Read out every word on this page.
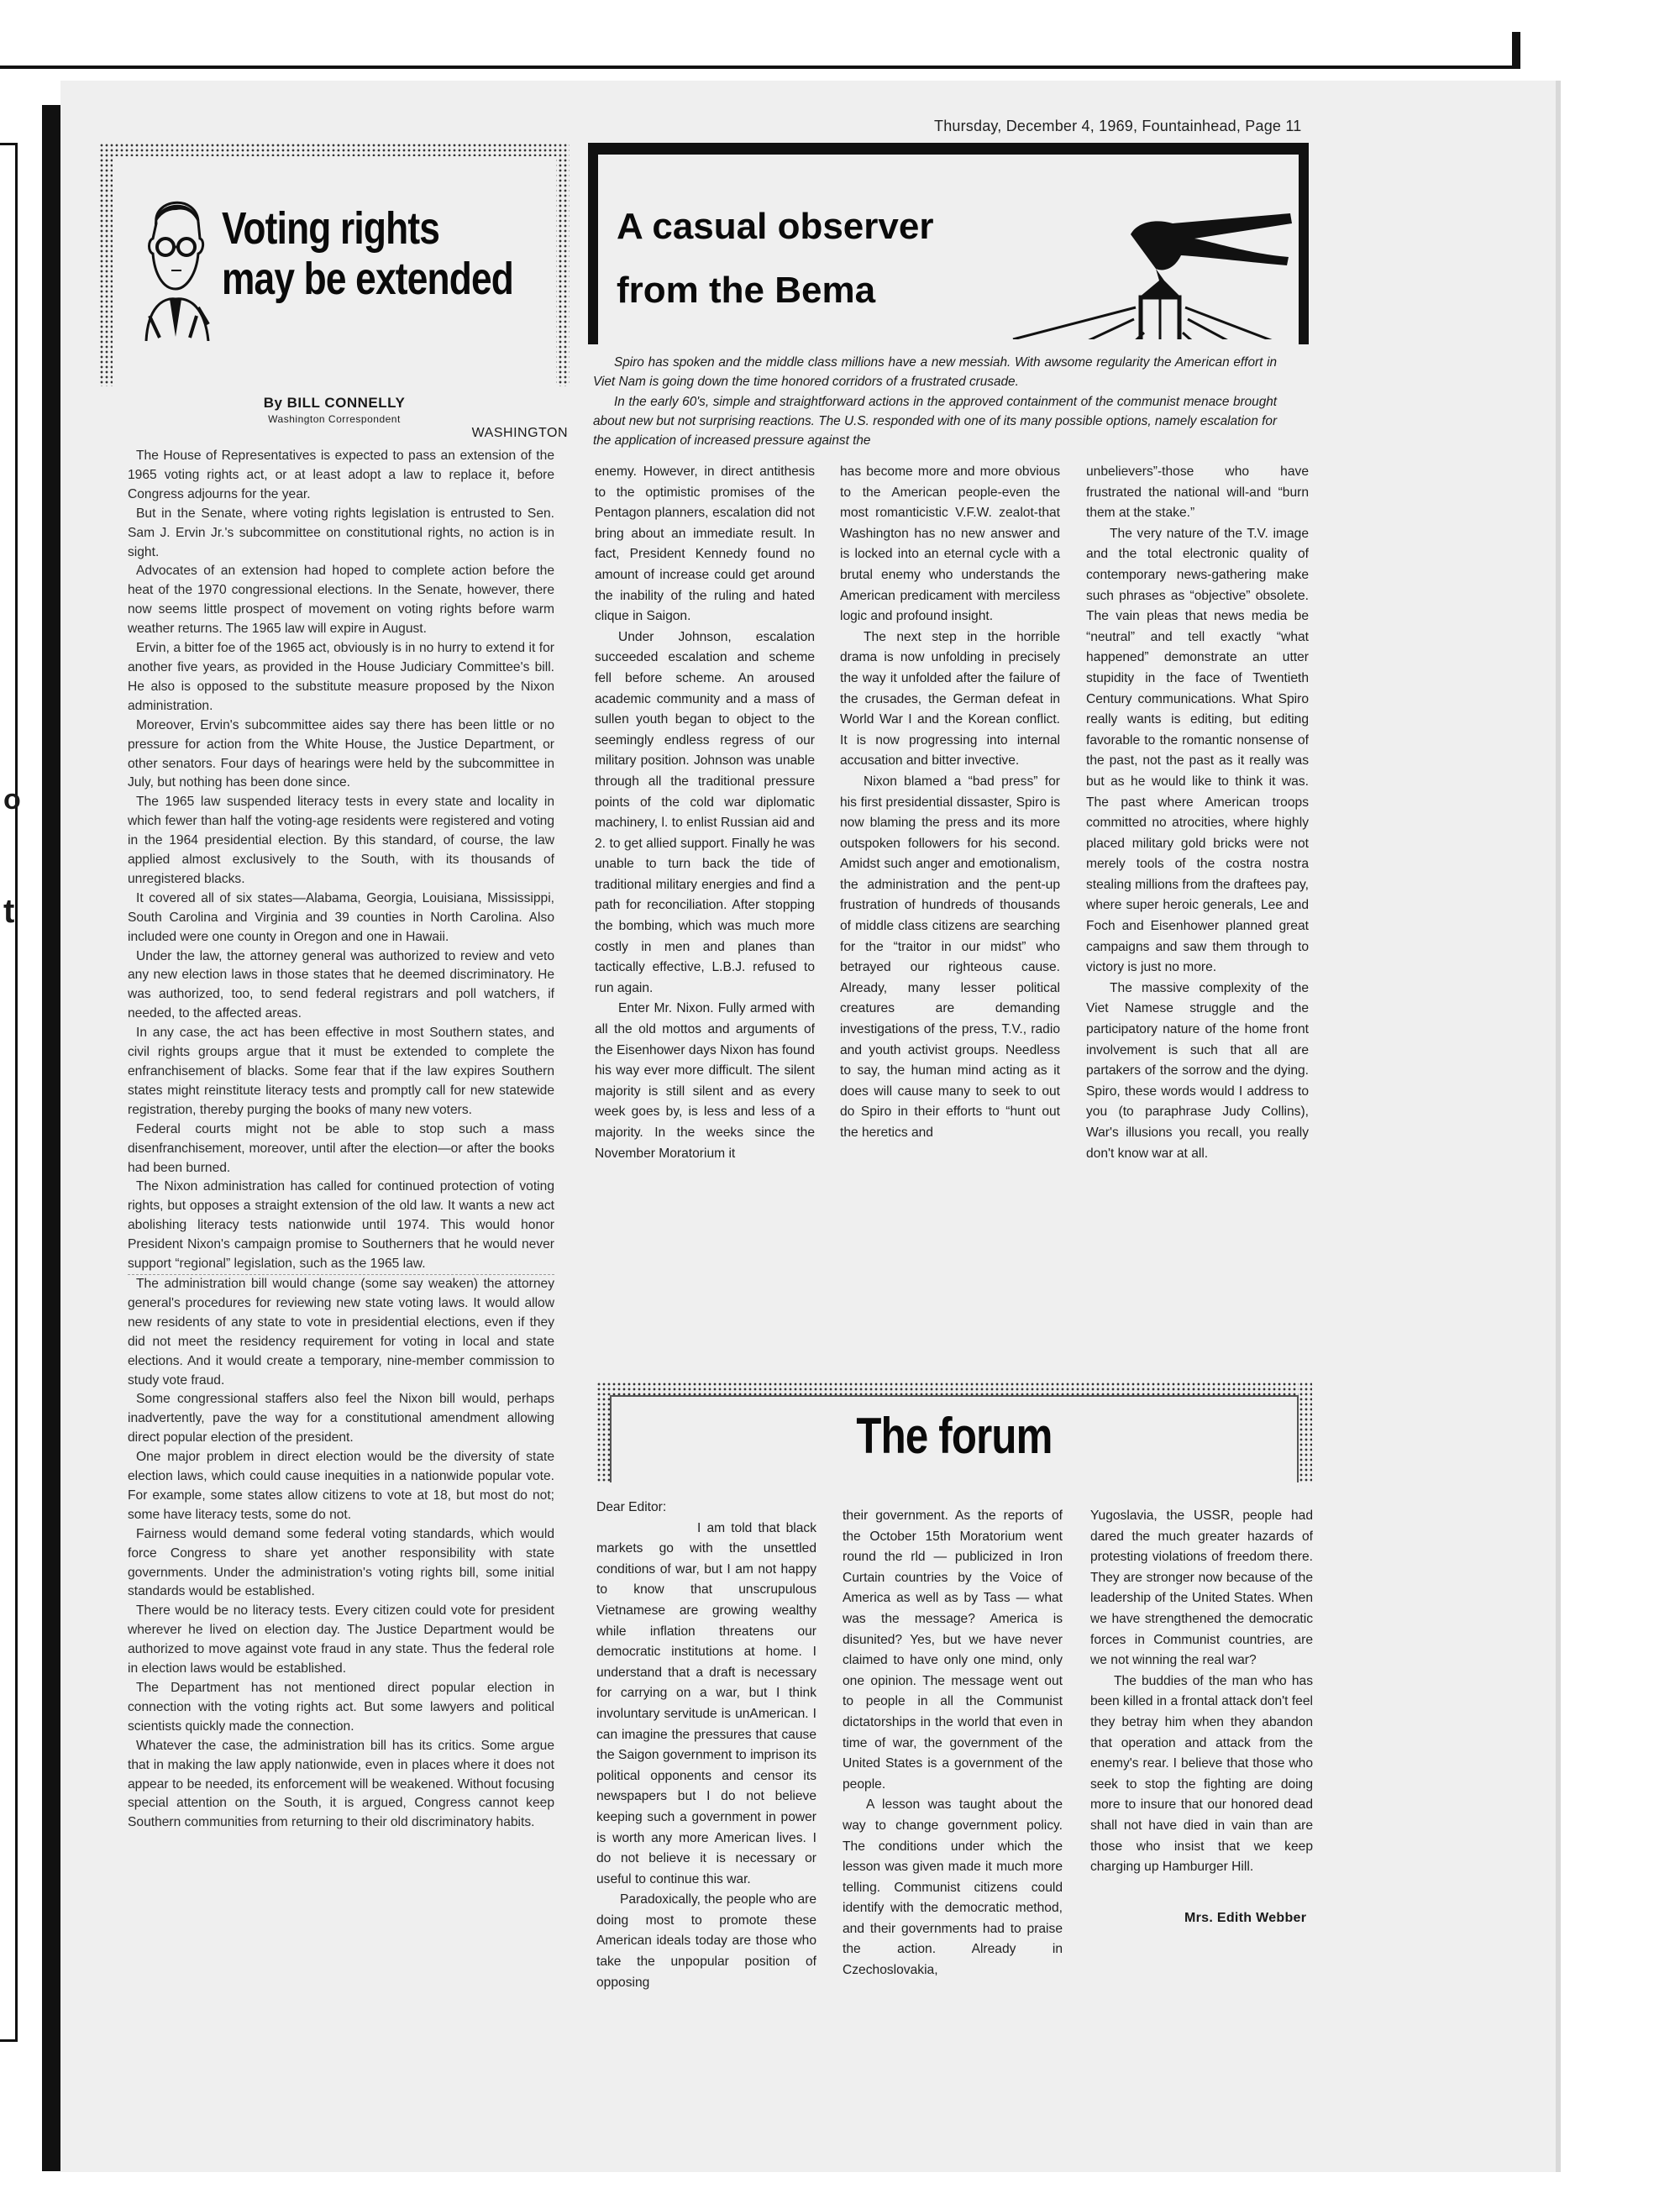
o
t
Thursday, December 4, 1969, Fountainhead, Page 11
Voting rights
may be extended
By BILL CONNELLY
Washington Correspondent
WASHINGTON

The House of Representatives is expected to pass an extension of the 1965 voting rights act, or at least adopt a law to replace it, before Congress adjourns for the year.

But in the Senate, where voting rights legislation is entrusted to Sen. Sam J. Ervin Jr.'s subcommittee on constitutional rights, no action is in sight.

Advocates of an extension had hoped to complete action before the heat of the 1970 congressional elections. In the Senate, however, there now seems little prospect of movement on voting rights before warm weather returns. The 1965 law will expire in August.

Ervin, a bitter foe of the 1965 act, obviously is in no hurry to extend it for another five years, as provided in the House Judiciary Committee's bill. He also is opposed to the substitute measure proposed by the Nixon administration.

Moreover, Ervin's subcommittee aides say there has been little or no pressure for action from the White House, the Justice Department, or other senators. Four days of hearings were held by the subcommittee in July, but nothing has been done since.

The 1965 law suspended literacy tests in every state and locality in which fewer than half the voting-age residents were registered and voting in the 1964 presidential election. By this standard, of course, the law applied almost exclusively to the South, with its thousands of unregistered blacks.

It covered all of six states—Alabama, Georgia, Louisiana, Mississippi, South Carolina and Virginia and 39 counties in North Carolina. Also included were one county in Oregon and one in Hawaii.

Under the law, the attorney general was authorized to review and veto any new election laws in those states that he deemed discriminatory. He was authorized, too, to send federal registrars and poll watchers, if needed, to the affected areas.

In any case, the act has been effective in most Southern states, and civil rights groups argue that it must be extended to complete the enfranchisement of blacks. Some fear that if the law expires Southern states might reinstitute literacy tests and promptly call for new statewide registration, thereby purging the books of many new voters.

Federal courts might not be able to stop such a mass disenfranchisement, moreover, until after the election—or after the books had been burned.

The Nixon administration has called for continued protection of voting rights, but opposes a straight extension of the old law. It wants a new act abolishing literacy tests nationwide until 1974. This would honor President Nixon's campaign promise to Southerners that he would never support “regional” legislation, such as the 1965 law.

The administration bill would change (some say weaken) the attorney general's procedures for reviewing new state voting laws. It would allow new residents of any state to vote in presidential elections, even if they did not meet the residency requirement for voting in local and state elections. And it would create a temporary, nine-member commission to study vote fraud.

Some congressional staffers also feel the Nixon bill would, perhaps inadvertently, pave the way for a constitutional amendment allowing direct popular election of the president.

One major problem in direct election would be the diversity of state election laws, which could cause inequities in a nationwide popular vote. For example, some states allow citizens to vote at 18, but most do not; some have literacy tests, some do not.

Fairness would demand some federal voting standards, which would force Congress to share yet another responsibility with state governments. Under the administration's voting rights bill, some initial standards would be established.

There would be no literacy tests. Every citizen could vote for president wherever he lived on election day. The Justice Department would be authorized to move against vote fraud in any state. Thus the federal role in election laws would be established.

The Department has not mentioned direct popular election in connection with the voting rights act. But some lawyers and political scientists quickly made the connection.

Whatever the case, the administration bill has its critics. Some argue that in making the law apply nationwide, even in places where it does not appear to be needed, its enforcement will be weakened. Without focusing special attention on the South, it is argued, Congress cannot keep Southern communities from returning to their old discriminatory habits.

A casual observer
from the Bema

Spiro has spoken and the middle class millions have a new messiah. With awsome regularity the American effort in Viet Nam is going down the time honored corridors of a frustrated crusade.

In the early 60's, simple and straightforward actions in the approved containment of the communist menace brought about new but not surprising reactions. The U.S. responded with one of its many possible options, namely escalation for the application of increased pressure against the

enemy. However, in direct antithesis to the optimistic promises of the Pentagon planners, escalation did not bring about an immediate result. In fact, President Kennedy found no amount of increase could get around the inability of the ruling and hated clique in Saigon.

Under Johnson, escalation succeeded escalation and scheme fell before scheme. An aroused academic community and a mass of sullen youth began to object to the seemingly endless regress of our military position. Johnson was unable through all the traditional pressure points of the cold war diplomatic machinery, l. to enlist Russian aid and 2. to get allied support. Finally he was unable to turn back the tide of traditional military energies and find a path for reconciliation. After stopping the bombing, which was much more costly in men and planes than tactically effective, L.B.J. refused to run again.

Enter Mr. Nixon. Fully armed with all the old mottos and arguments of the Eisenhower days Nixon has found his way ever more difficult. The silent majority is still silent and as every week goes by, is less and less of a majority. In the weeks since the November Moratorium it

has become more and more obvious to the American people-even the most romanticistic V.F.W. zealot-that Washington has no new answer and is locked into an eternal cycle with a brutal enemy who understands the American predicament with merciless logic and profound insight.

The next step in the horrible drama is now unfolding in precisely the way it unfolded after the failure of the crusades, the German defeat in World War I and the Korean conflict. It is now progressing into internal accusation and bitter invective.

Nixon blamed a “bad press” for his first presidential dissaster, Spiro is now blaming the press and its more outspoken followers for his second. Amidst such anger and emotionalism, the administration and the pent-up frustration of hundreds of thousands of middle class citizens are searching for the “traitor in our midst” who betrayed our righteous cause. Already, many lesser political creatures are demanding investigations of the press, T.V., radio and youth activist groups. Needless to say, the human mind acting as it does will cause many to seek to out do Spiro in their efforts to “hunt out the heretics and

unbelievers”-those who have frustrated the national will-and “burn them at the stake.”

The very nature of the T.V. image and the total electronic quality of contemporary news-gathering make such phrases as “objective” obsolete. The vain pleas that news media be “neutral” and tell exactly “what happened” demonstrate an utter stupidity in the face of Twentieth Century communications. What Spiro really wants is editing, but editing favorable to the romantic nonsense of the past, not the past as it really was but as he would like to think it was. The past where American troops committed no atrocities, where highly placed military gold bricks were not merely tools of the costra nostra stealing millions from the draftees pay, where super heroic generals, Lee and Foch and Eisenhower planned great campaigns and saw them through to victory is just no more.

The massive complexity of the Viet Namese struggle and the participatory nature of the home front involvement is such that all are partakers of the sorrow and the dying. Spiro, these words would I address to you (to paraphrase Judy Collins), War's illusions you recall, you really don't know war at all.

The forum

Dear Editor:

I am told that black markets go with the unsettled conditions of war, but I am not happy to know that unscrupulous Vietnamese are growing wealthy while inflation threatens our democratic institutions at home. I understand that a draft is necessary for carrying on a war, but I think involuntary servitude is unAmerican. I can imagine the pressures that cause the Saigon government to imprison its political opponents and censor its newspapers but I do not believe keeping such a government in power is worth any more American lives. I do not believe it is necessary or useful to continue this war.

Paradoxically, the people who are doing most to promote these American ideals today are those who take the unpopular position of opposing

their government. As the reports of the October 15th Moratorium went round the rld — publicized in Iron Curtain countries by the Voice of America as well as by Tass — what was the message? America is disunited? Yes, but we have never claimed to have only one mind, only one opinion. The message went out to people in all the Communist dictatorships in the world that even in time of war, the government of the United States is a government of the people.

A lesson was taught about the way to change government policy. The conditions under which the lesson was given made it much more telling. Communist citizens could identify with the democratic method, and their governments had to praise the action. Already in Czechoslovakia,

Yugoslavia, the USSR, people had dared the much greater hazards of protesting violations of freedom there. They are stronger now because of the leadership of the United States. When we have strengthened the democratic forces in Communist countries, are we not winning the real war?

The buddies of the man who has been killed in a frontal attack don't feel they betray him when they abandon that operation and attack from the enemy's rear. I believe that those who seek to stop the fighting are doing more to insure that our honored dead shall not have died in vain than are those who insist that we keep charging up Hamburger Hill.

Mrs. Edith Webber
